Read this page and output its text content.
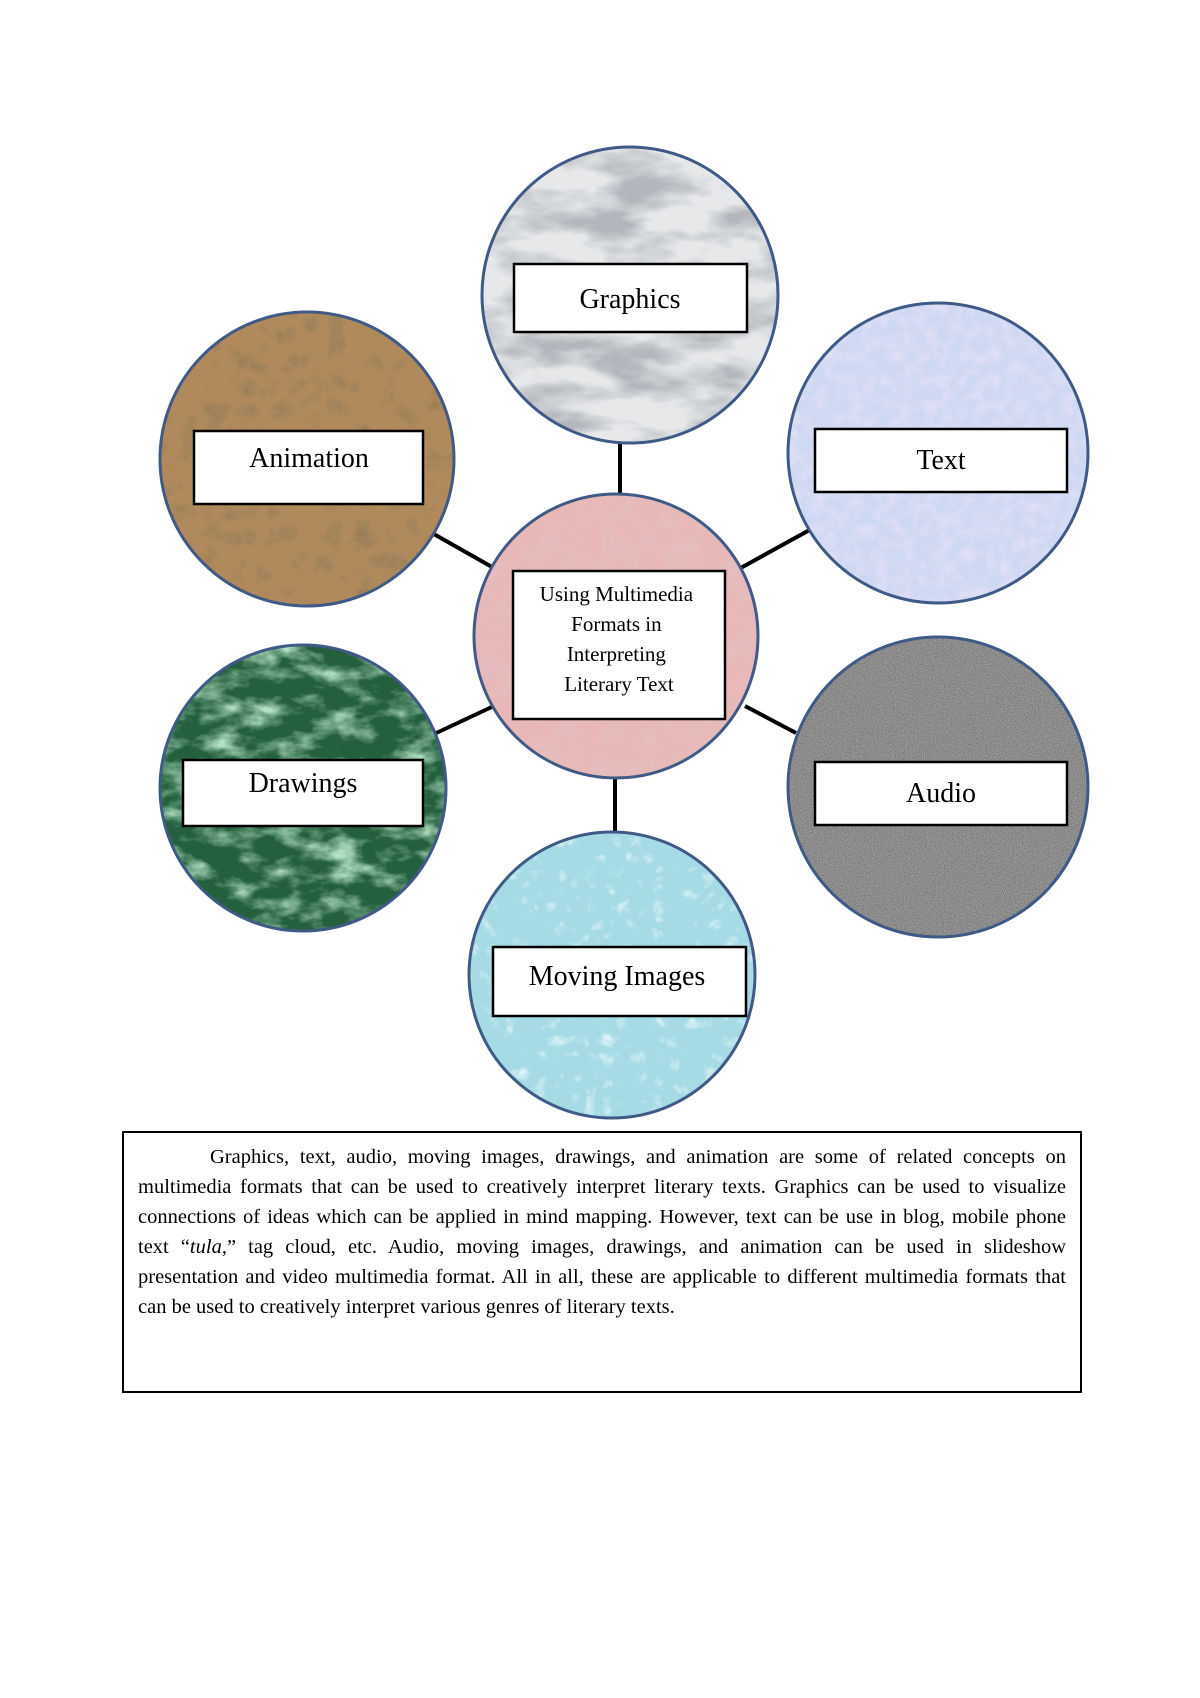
Graphics
Text
Audio
Moving Images
Drawings
Animation
Using Multimedia Formats in Interpreting Literary Text

Graphics, text, audio, moving images, drawings, and animation are some of related concepts on multimedia formats that can be used to creatively interpret literary texts. Graphics can be used to visualize connections of ideas which can be applied in mind mapping. However, text can be use in blog, mobile phone text “tula,” tag cloud, etc. Audio, moving images, drawings, and animation can be used in slideshow presentation and video multimedia format. All in all, these are applicable to different multimedia formats that can be used to creatively interpret various genres of literary texts.
